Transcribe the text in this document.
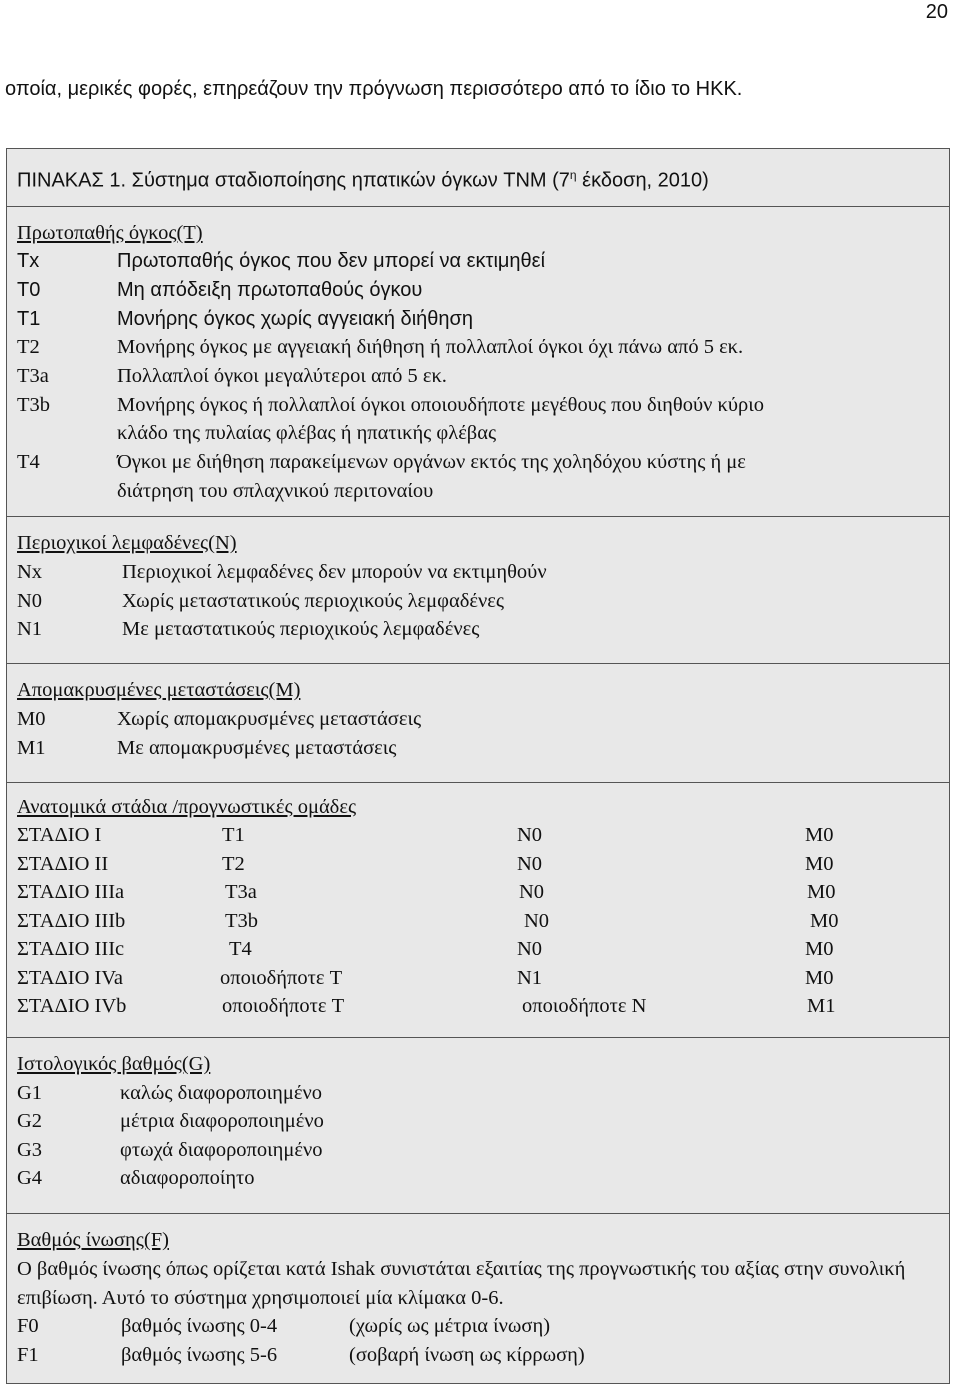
20
οποία, μερικές φορές, επηρεάζουν την πρόγνωση περισσότερο από το ίδιο το ΗΚΚ.
ΠΙΝΑΚΑΣ 1. Σύστημα σταδιοποίησης ηπατικών όγκων TNM ($7^\eta$ έκδοση, 2010)
Πρωτοπαθής όγκος(T)
Tx	Πρωτοπαθής όγκος που δεν μπορεί να εκτιμηθεί
T0	Μη απόδειξη πρωτοπαθούς όγκου
T1	Μονήρης όγκος χωρίς αγγειακή διήθηση
T2	Μονήρης όγκος με αγγειακή διήθηση ή πολλαπλοί όγκοι όχι πάνω από 5 εκ.
T3a	Πολλαπλοί όγκοι μεγαλύτεροι από 5 εκ.
T3b	Μονήρης όγκος ή πολλαπλοί όγκοι οποιουδήποτε μεγέθους που διηθούν κύριο
κλάδο της πυλαίας φλέβας ή ηπατικής φλέβας
T4	Όγκοι με διήθηση παρακείμενων οργάνων εκτός της χοληδόχου κύστης ή με
διάτρηση του σπλαχνικού περιτοναίου
Περιοχικοί λεμφαδένες(Ν)
Nx	Περιοχικοί λεμφαδένες δεν μπορούν να εκτιμηθούν
N0	Χωρίς μεταστατικούς περιοχικούς λεμφαδένες
N1	Με μεταστατικούς περιοχικούς λεμφαδένες
Απομακρυσμένες μεταστάσεις(Μ)
M0	Χωρίς απομακρυσμένες μεταστάσεις
M1	Με απομακρυσμένες μεταστάσεις
Ανατομικά στάδια /προγνωστικές ομάδες
ΣΤΑΔΙΟ I	T1	N0	M0
ΣΤΑΔΙΟ II	T2	N0	M0
ΣΤΑΔΙΟ IIIa	T3a	N0	M0
ΣΤΑΔΙΟ IIIb	T3b	N0	M0
ΣΤΑΔΙΟ IIIc	T4	N0	M0
ΣΤΑΔΙΟ IVa	οποιοδήποτε T	N1	M0
ΣΤΑΔΙΟ IVb	οποιοδήποτε T	οποιοδήποτε Ν	M1
Ιστολογικός βαθμός(G)
G1	καλώς διαφοροποιημένο
G2	μέτρια διαφοροποιημένο
G3	φτωχά διαφοροποιημένο
G4	αδιαφοροποίητο
Βαθμός ίνωσης(F)
Ο βαθμός ίνωσης όπως ορίζεται κατά Ishak συνιστάται εξαιτίας της προγνωστικής του αξίας στην συνολική επιβίωση. Αυτό το σύστημα χρησιμοποιεί μία κλίμακα 0-6.
F0	βαθμός ίνωσης 0-4	(χωρίς ως μέτρια ίνωση)
F1	βαθμός ίνωσης 5-6	(σοβαρή ίνωση ως κίρρωση)
